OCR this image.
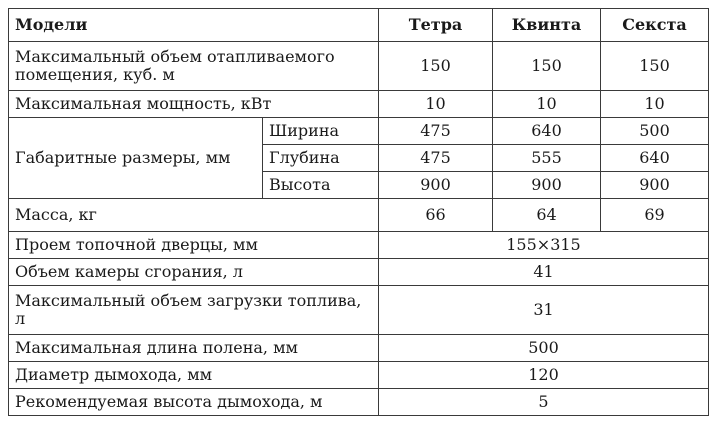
Модели		Тетра	Квинта	Секста
Максимальный объем отапливаемого помещения, куб. м		150	150	150
Максимальная мощность, кВт		10	10	10
Габаритные размеры, мм	Ширина	475	640	500
	Глубина	475	555	640
	Высота	900	900	900
Масса, кг		66	64	69
Проем топочной дверцы, мм		155×315		
Объем камеры сгорания, л		41		
Максимальный объем загрузки топлива, л		31		
Максимальная длина полена, мм		500		
Диаметр дымохода, мм		120		
Рекомендуемая высота дымохода, м		5		
